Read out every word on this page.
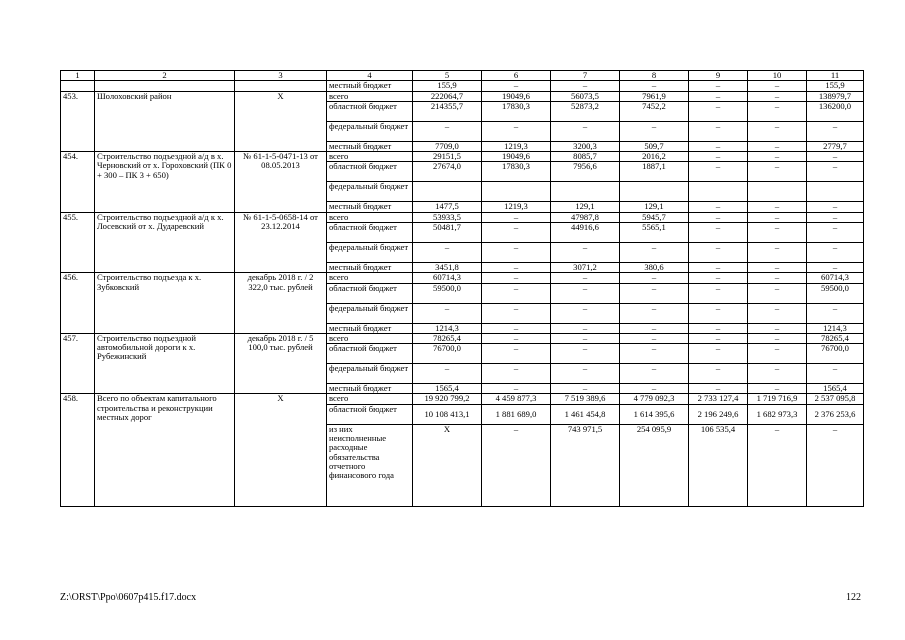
1	2	3	4	5	6	7	8	9	10	11
			местный бюджет	155,9	–	–	–	–	–	155,9
453.	Шолоховский район	Х	всего	222064,7	19049,6	56073,5	7961,9	–	–	138979,7
			областной бюджет	214355,7	17830,3	52873,2	7452,2	–	–	136200,0
			федеральный бюджет	–	–	–	–	–	–	–
			местный бюджет	7709,0	1219,3	3200,3	509,7	–	–	2779,7
454.	Строительство подъездной а/д в х. Черновский от х. Гороховский (ПК 0 + 300 – ПК 3 + 650)	№ 61-1-5-0471-13 от 08.05.2013	всего	29151,5	19049,6	8085,7	2016,2	–	–	–
			областной бюджет	27674,0	17830,3	7956,6	1887,1	–	–	–
			федеральный бюджет							
			местный бюджет	1477,5	1219,3	129,1	129,1	–	–	–
455.	Строительство подъездной а/д к х. Лосевский от х. Дударевский	№ 61-1-5-0658-14 от 23.12.2014	всего	53933,5	–	47987,8	5945,7	–	–	–
			областной бюджет	50481,7	–	44916,6	5565,1	–	–	–
			федеральный бюджет	–	–	–	–	–	–	–
			местный бюджет	3451,8	–	3071,2	380,6	–	–	–
456.	Строительство подъезда к х. Зубковский	декабрь 2018 г. / 2 322,0 тыс. рублей	всего	60714,3	–	–	–	–	–	60714,3
			областной бюджет	59500,0	–	–	–	–	–	59500,0
			федеральный бюджет	–	–	–	–	–	–	–
			местный бюджет	1214,3	–	–	–	–	–	1214,3
457.	Строительство подъездной автомобильной дороги к х. Рубежинский	декабрь 2018 г. / 5 100,0 тыс. рублей	всего	78265,4	–	–	–	–	–	78265,4
			областной бюджет	76700,0	–	–	–	–	–	76700,0
			федеральный бюджет	–	–	–	–	–	–	–
			местный бюджет	1565,4	–	–	–	–	–	1565,4
458.	Всего по объектам капитального строительства и реконструкции местных дорог	Х	всего	19 920 799,2	4 459 877,3	7 519 389,6	4 779 092,3	2 733 127,4	1 719 716,9	2 537 095,8
			областной бюджет	10 108 413,1	1 881 689,0	1 461 454,8	1 614 395,6	2 196 249,6	1 682 973,3	2 376 253,6
			из них неисполненные расходные обязательства отчетного финансового года	Х	–	743 971,5	254 095,9	106 535,4	–	–
Z:\ORST\Ppo\0607p415.f17.docx	122
